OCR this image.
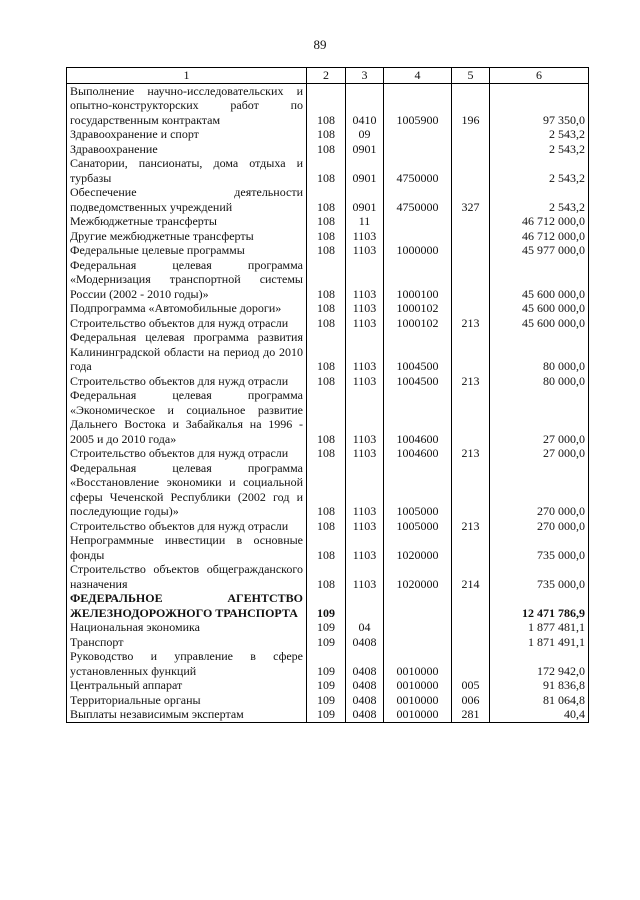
89
1	2	3	4	5	6
Выполнение научно-исследовательских и опытно-конструкторских работ по государственным контрактам	108	0410	1005900	196	97 350,0
Здравоохранение и спорт	108	09			2 543,2
Здравоохранение	108	0901			2 543,2
Санатории, пансионаты, дома отдыха и турбазы	108	0901	4750000		2 543,2
Обеспечение деятельности подведомственных учреждений	108	0901	4750000	327	2 543,2
Межбюджетные трансферты	108	11			46 712 000,0
Другие межбюджетные трансферты	108	1103			46 712 000,0
Федеральные целевые программы	108	1103	1000000		45 977 000,0
Федеральная целевая программа «Модернизация транспортной системы России (2002 - 2010 годы)»	108	1103	1000100		45 600 000,0
Подпрограмма «Автомобильные дороги»	108	1103	1000102		45 600 000,0
Строительство объектов для нужд отрасли	108	1103	1000102	213	45 600 000,0
Федеральная целевая программа развития Калининградской области на период до 2010 года	108	1103	1004500		80 000,0
Строительство объектов для нужд отрасли	108	1103	1004500	213	80 000,0
Федеральная целевая программа «Экономическое и социальное развитие Дальнего Востока и Забайкалья на 1996 - 2005 и до 2010 года»	108	1103	1004600		27 000,0
Строительство объектов для нужд отрасли	108	1103	1004600	213	27 000,0
Федеральная целевая программа «Восстановление экономики и социальной сферы Чеченской Республики (2002 год и последующие годы)»	108	1103	1005000		270 000,0
Строительство объектов для нужд отрасли	108	1103	1005000	213	270 000,0
Непрограммные инвестиции в основные фонды	108	1103	1020000		735 000,0
Строительство объектов общегражданского назначения	108	1103	1020000	214	735 000,0
ФЕДЕРАЛЬНОЕ АГЕНТСТВО ЖЕЛЕЗНОДОРОЖНОГО ТРАНСПОРТА	109				12 471 786,9
Национальная экономика	109	04			1 877 481,1
Транспорт	109	0408			1 871 491,1
Руководство и управление в сфере установленных функций	109	0408	0010000		172 942,0
Центральный аппарат	109	0408	0010000	005	91 836,8
Территориальные органы	109	0408	0010000	006	81 064,8
Выплаты независимым экспертам	109	0408	0010000	281	40,4
